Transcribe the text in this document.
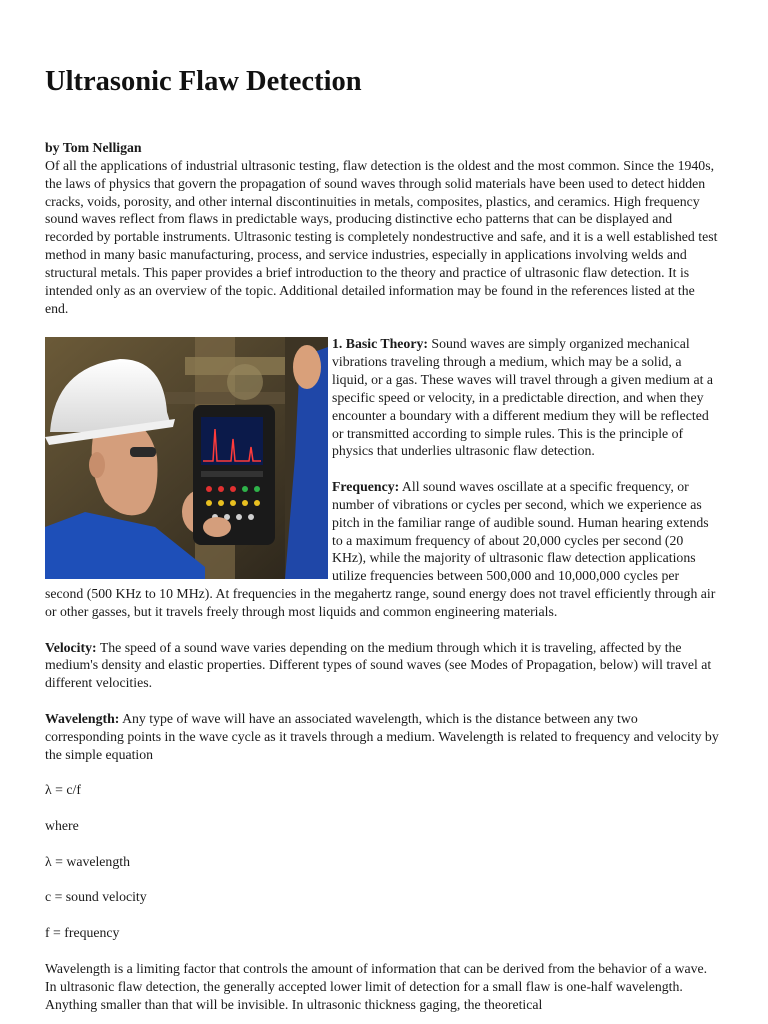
Ultrasonic Flaw Detection

by Tom Nelligan
Of all the applications of industrial ultrasonic testing, flaw detection is the oldest and the most common. Since the 1940s, the laws of physics that govern the propagation of sound waves through solid materials have been used to detect hidden cracks, voids, porosity, and other internal discontinuities in metals, composites, plastics, and ceramics. High frequency sound waves reflect from flaws in predictable ways, producing distinctive echo patterns that can be displayed and recorded by portable instruments. Ultrasonic testing is completely nondestructive and safe, and it is a well established test method in many basic manufacturing, process, and service industries, especially in applications involving welds and structural metals. This paper provides a brief introduction to the theory and practice of ultrasonic flaw detection. It is intended only as an overview of the topic. Additional detailed information may be found in the references listed at the end.

1. Basic Theory: Sound waves are simply organized mechanical vibrations traveling through a medium, which may be a solid, a liquid, or a gas. These waves will travel through a given medium at a specific speed or velocity, in a predictable direction, and when they encounter a boundary with a different medium they will be reflected or transmitted according to simple rules. This is the principle of physics that underlies ultrasonic flaw detection.

Frequency: All sound waves oscillate at a specific frequency, or number of vibrations or cycles per second, which we experience as pitch in the familiar range of audible sound. Human hearing extends to a maximum frequency of about 20,000 cycles per second (20 KHz), while the majority of ultrasonic flaw detection applications utilize frequencies between 500,000 and 10,000,000 cycles per second (500 KHz to 10 MHz). At frequencies in the megahertz range, sound energy does not travel efficiently through air or other gasses, but it travels freely through most liquids and common engineering materials.

Velocity: The speed of a sound wave varies depending on the medium through which it is traveling, affected by the medium's density and elastic properties. Different types of sound waves (see Modes of Propagation, below) will travel at different velocities.

Wavelength: Any type of wave will have an associated wavelength, which is the distance between any two corresponding points in the wave cycle as it travels through a medium. Wavelength is related to frequency and velocity by the simple equation

λ = c/f

where

λ = wavelength

c = sound velocity

f = frequency

Wavelength is a limiting factor that controls the amount of information that can be derived from the behavior of a wave. In ultrasonic flaw detection, the generally accepted lower limit of detection for a small flaw is one-half wavelength. Anything smaller than that will be invisible. In ultrasonic thickness gaging, the theoretical
